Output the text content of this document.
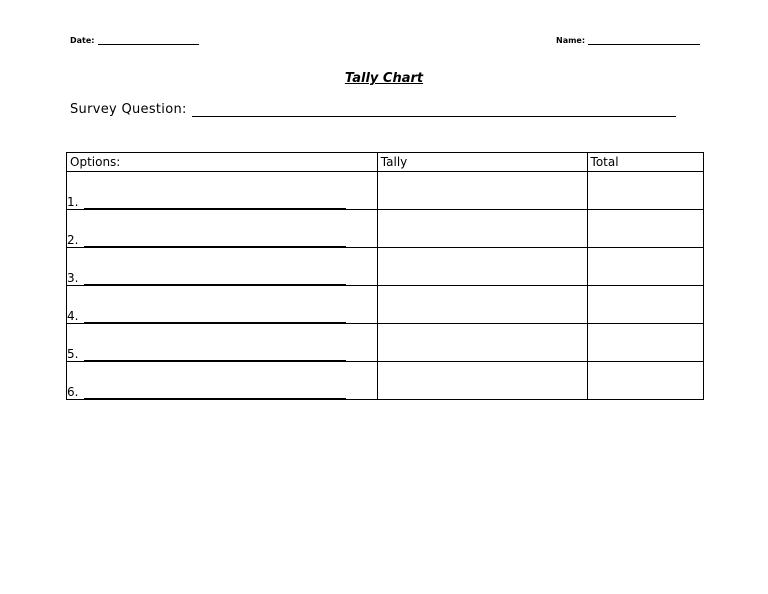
Date:	Name:
Tally Chart
Survey Question:
Options:	Tally	Total

1.		

2.		

3.		

4.		

5.		

6.		
